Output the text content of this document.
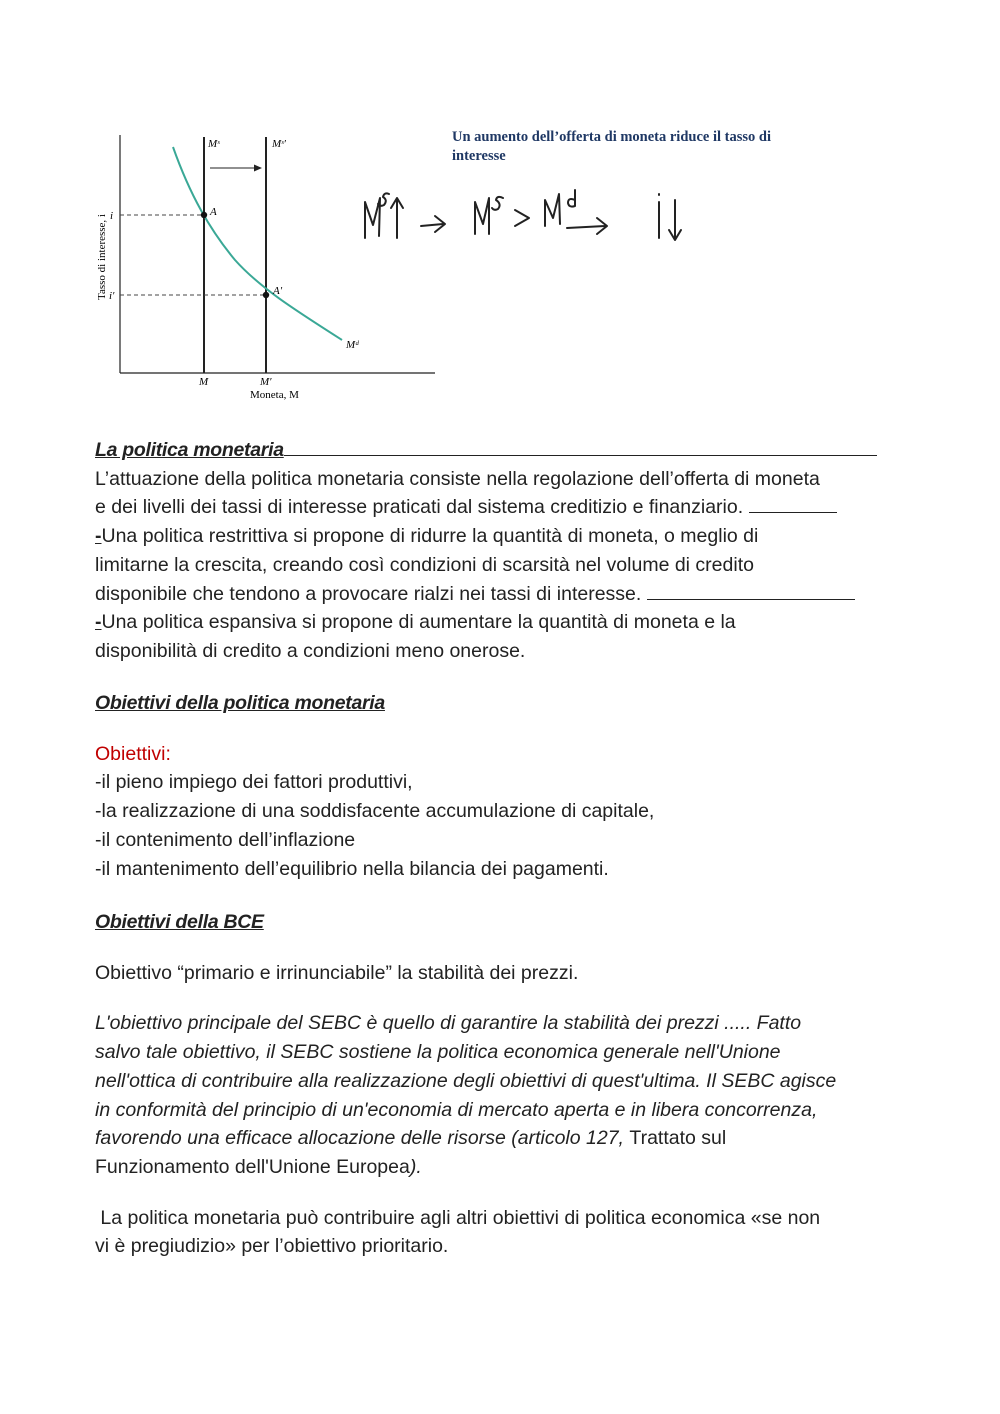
Mˢ	Mˢ′
A
A′
Mᵈ
i
i′
M	M′
Moneta, M
Tasso di interesse, i
Un aumento dell’offerta di moneta riduce il tasso di interesse

La politica monetaria

L’attuazione della politica monetaria consiste nella regolazione dell’offerta di moneta

e dei livelli dei tassi di interesse praticati dal sistema creditizio e finanziario.

-Una politica restrittiva si propone di ridurre la quantità di moneta, o meglio di

limitarne la crescita, creando così condizioni di scarsità nel volume di credito

disponibile che tendono a provocare rialzi nei tassi di interesse.

-Una politica espansiva si propone di aumentare la quantità di moneta e la

disponibilità di credito a condizioni meno onerose.

Obiettivi della politica monetaria

Obiettivi:

-il pieno impiego dei fattori produttivi,

-la realizzazione di una soddisfacente accumulazione di capitale,

-il contenimento dell’inflazione

-il mantenimento dell’equilibrio nella bilancia dei pagamenti.

Obiettivi della BCE

Obiettivo “primario e irrinunciabile” la stabilità dei prezzi.

L'obiettivo principale del SEBC è quello di garantire la stabilità dei prezzi ..... Fatto

salvo tale obiettivo, il SEBC sostiene la politica economica generale nell'Unione

nell'ottica di contribuire alla realizzazione degli obiettivi di quest'ultima. Il SEBC agisce

in conformità del principio di un'economia di mercato aperta e in libera concorrenza,

favorendo una efficace allocazione delle risorse (articolo 127, Trattato sul

Funzionamento dell'Unione Europea).

La politica monetaria può contribuire agli altri obiettivi di politica economica «se non

vi è pregiudizio» per l’obiettivo prioritario.
